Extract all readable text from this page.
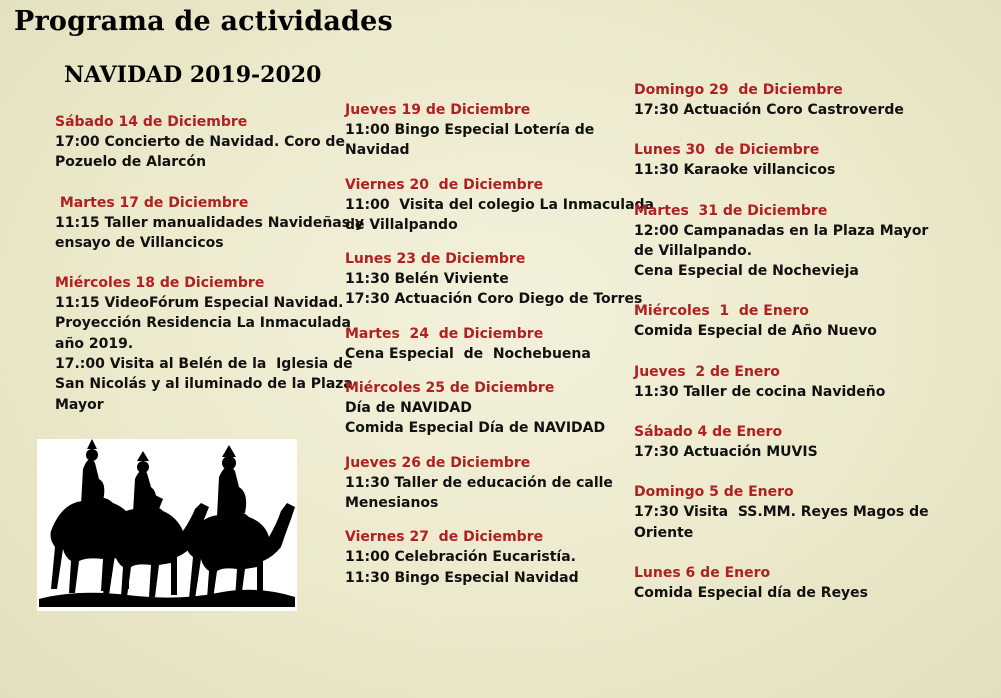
Programa de actividades
NAVIDAD 2019-2020
Sábado 14 de Diciembre
17:00 Concierto de Navidad. Coro de
Pozuelo de Alarcón
Martes 17 de Diciembre
11:15 Taller manualidades Navideñas y
ensayo de Villancicos
Miércoles 18 de Diciembre
11:15 VideoFórum Especial Navidad.
Proyección Residencia La Inmaculada
año 2019.
17.:00 Visita al Belén de la  Iglesia de
San Nicolás y al iluminado de la Plaza
Mayor
Jueves 19 de Diciembre
11:00 Bingo Especial Lotería de
Navidad
Viernes 20  de Diciembre
11:00  Visita del colegio La Inmaculada
de Villalpando
Lunes 23 de Diciembre
11:30 Belén Viviente
17:30 Actuación Coro Diego de Torres
Martes  24  de Diciembre
Cena Especial  de  Nochebuena
Miércoles 25 de Diciembre
Día de NAVIDAD
Comida Especial Día de NAVIDAD
Jueves 26 de Diciembre
11:30 Taller de educación de calle
Menesianos
Viernes 27  de Diciembre
11:00 Celebración Eucaristía.
11:30 Bingo Especial Navidad
Domingo 29  de Diciembre
17:30 Actuación Coro Castroverde
Lunes 30  de Diciembre
11:30 Karaoke villancicos
Martes  31 de Diciembre
12:00 Campanadas en la Plaza Mayor
de Villalpando.
Cena Especial de Nochevieja
Miércoles  1  de Enero
Comida Especial de Año Nuevo
Jueves  2 de Enero
11:30 Taller de cocina Navideño
Sábado 4 de Enero
17:30 Actuación MUVIS
Domingo 5 de Enero
17:30 Visita  SS.MM. Reyes Magos de
Oriente
Lunes 6 de Enero
Comida Especial día de Reyes
